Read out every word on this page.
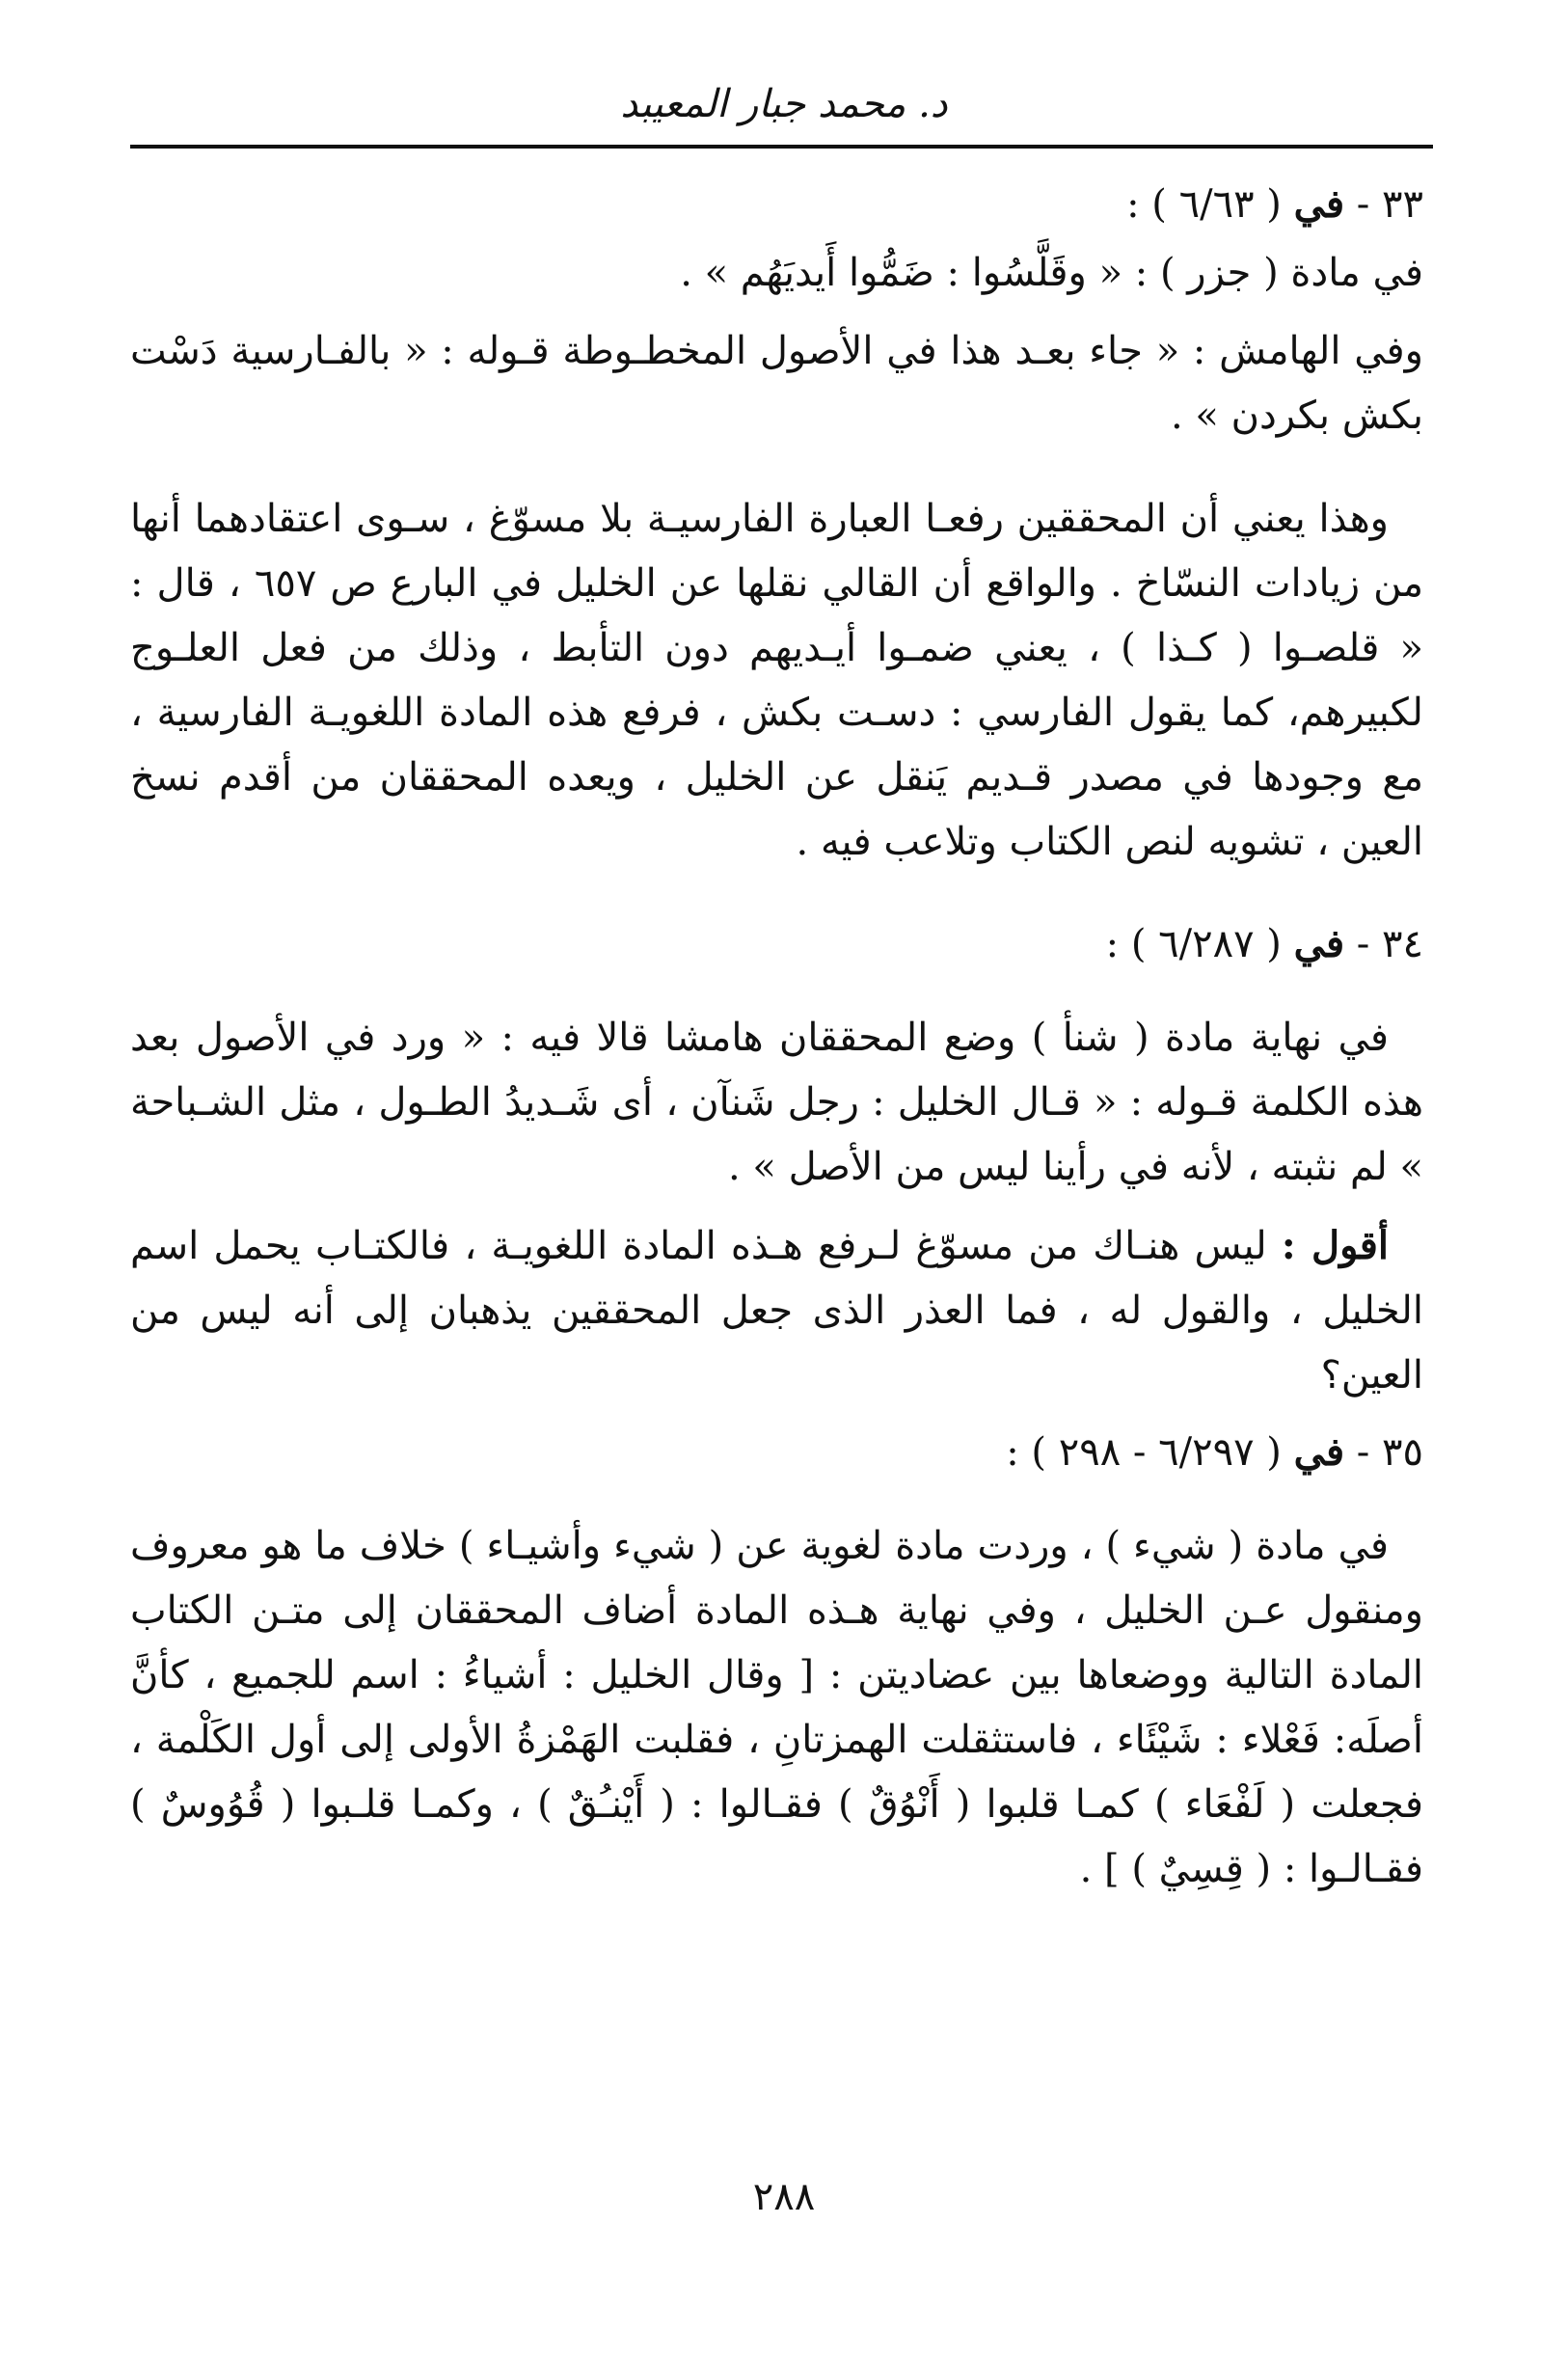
د. محمد جبار المعيبد
٣٣ - في ( ٦/٦٣ ) :

في مادة ( جزر ) : « وقَلَّسُوا : ضَمُّوا أَيديَهُم » .

وفي الهامش : « جاء بعـد هذا في الأصول المخطـوطة قـوله : « بالفـارسية دَسْت بكش بكردن » .

وهذا يعني أن المحققين رفعـا العبارة الفارسيـة بلا مسوّغ ، سـوى اعتقادهما أنها من زيادات النسّاخ . والواقع أن القالي نقلها عن الخليل في البارع ص ٦٥٧ ، قال : « قلصـوا ( كـذا ) ، يعني ضمـوا أيـديهم دون التأبط ، وذلك من فعل العلـوج لكبيرهم، كما يقول الفارسي : دسـت بكش ، فرفع هذه المادة اللغويـة الفارسية ، مع وجودها في مصدر قـديم يَنقل عن الخليل ، ويعده المحققان من أقدم نسخ العين ، تشويه لنص الكتاب وتلاعب فيه .

٣٤ - في ( ٦/٢٨٧ ) :

في نهاية مادة ( شنأ ) وضع المحققان هامشا قالا فيه : « ورد في الأصول بعد هذه الكلمة قـوله : « قـال الخليل : رجل شَنآن ، أى شَـديدُ الطـول ، مثل الشـباحة » لم نثبته ، لأنه في رأينا ليس من الأصل » .

أقول : ليس هنـاك من مسوّغ لـرفع هـذه المادة اللغويـة ، فالكتـاب يحمل اسم الخليل ، والقول له ، فما العذر الذى جعل المحققين يذهبان إلى أنه ليس من العين؟

٣٥ - في ( ٦/٢٩٧ - ٢٩٨ ) :

في مادة ( شيء ) ، وردت مادة لغوية عن ( شيء وأشيـاء ) خلاف ما هو معروف ومنقول عـن الخليل ، وفي نهاية هـذه المادة أضاف المحققان إلى متـن الكتاب المادة التالية ووضعاها بين عضاديتن : [ وقال الخليل : أشياءُ : اسم للجميع ، كأنَّ أصلَه: فَعْلاء : شَيْئَاء ، فاستثقلت الهمزتانِ ، فقلبت الهَمْزةُ الأولى إلى أول الكَلْمة ، فجعلت ( لَفْعَاء ) كمـا قلبوا ( أَنْوُقٌ ) فقـالوا : ( أَيْنـُقٌ ) ، وكمـا قلـبوا ( قُوُوسٌ ) فقـالـوا : ( قِسِيٌ ) ] .

٢٨٨
